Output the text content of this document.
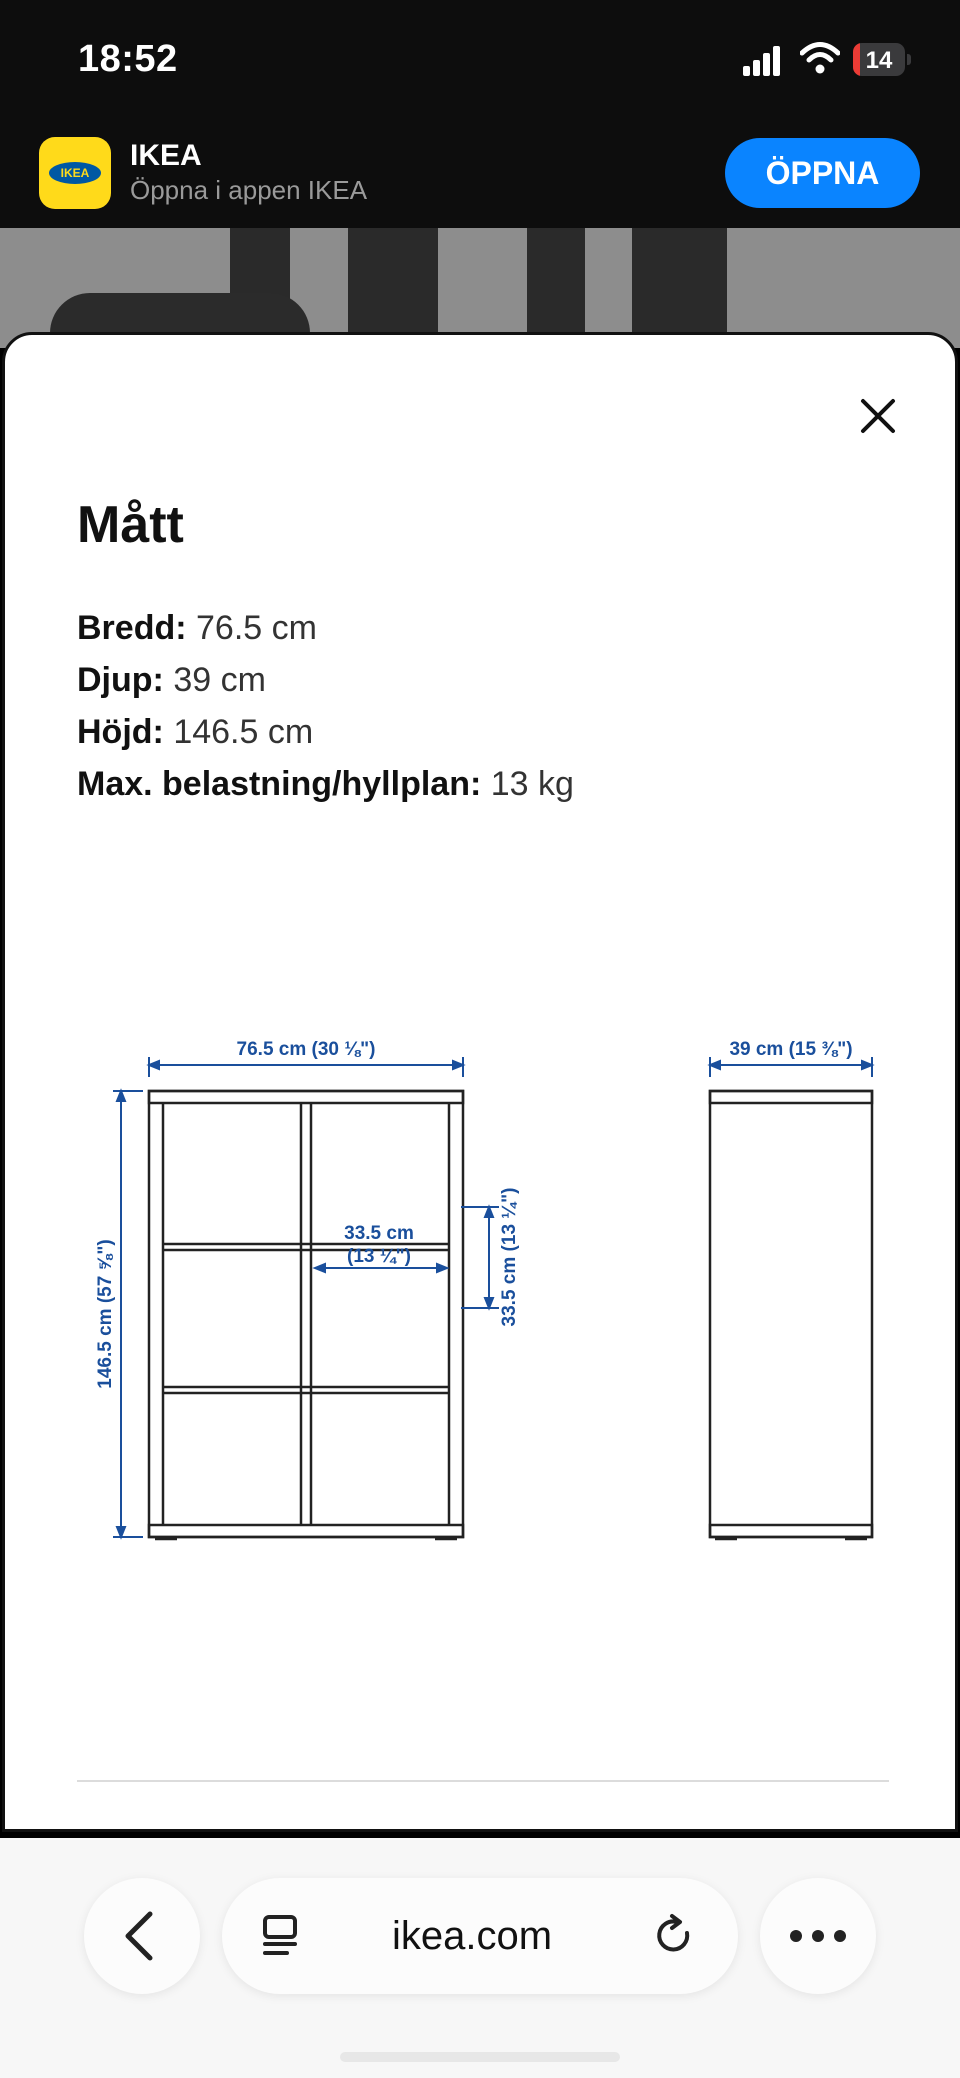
18:52	14
IKEA
IKEA
Öppna i appen IKEA	ÖPPNA
Mått
Bredd: 76.5 cm
Djup: 39 cm
Höjd: 146.5 cm
Max. belastning/hyllplan: 13 kg
76.5 cm (30 ⅛")	39 cm (15 ⅜")
146.5 cm (57 ⅝")
33.5 cm
(13 ¼")	33.5 cm (13 ¼")
ikea.com
